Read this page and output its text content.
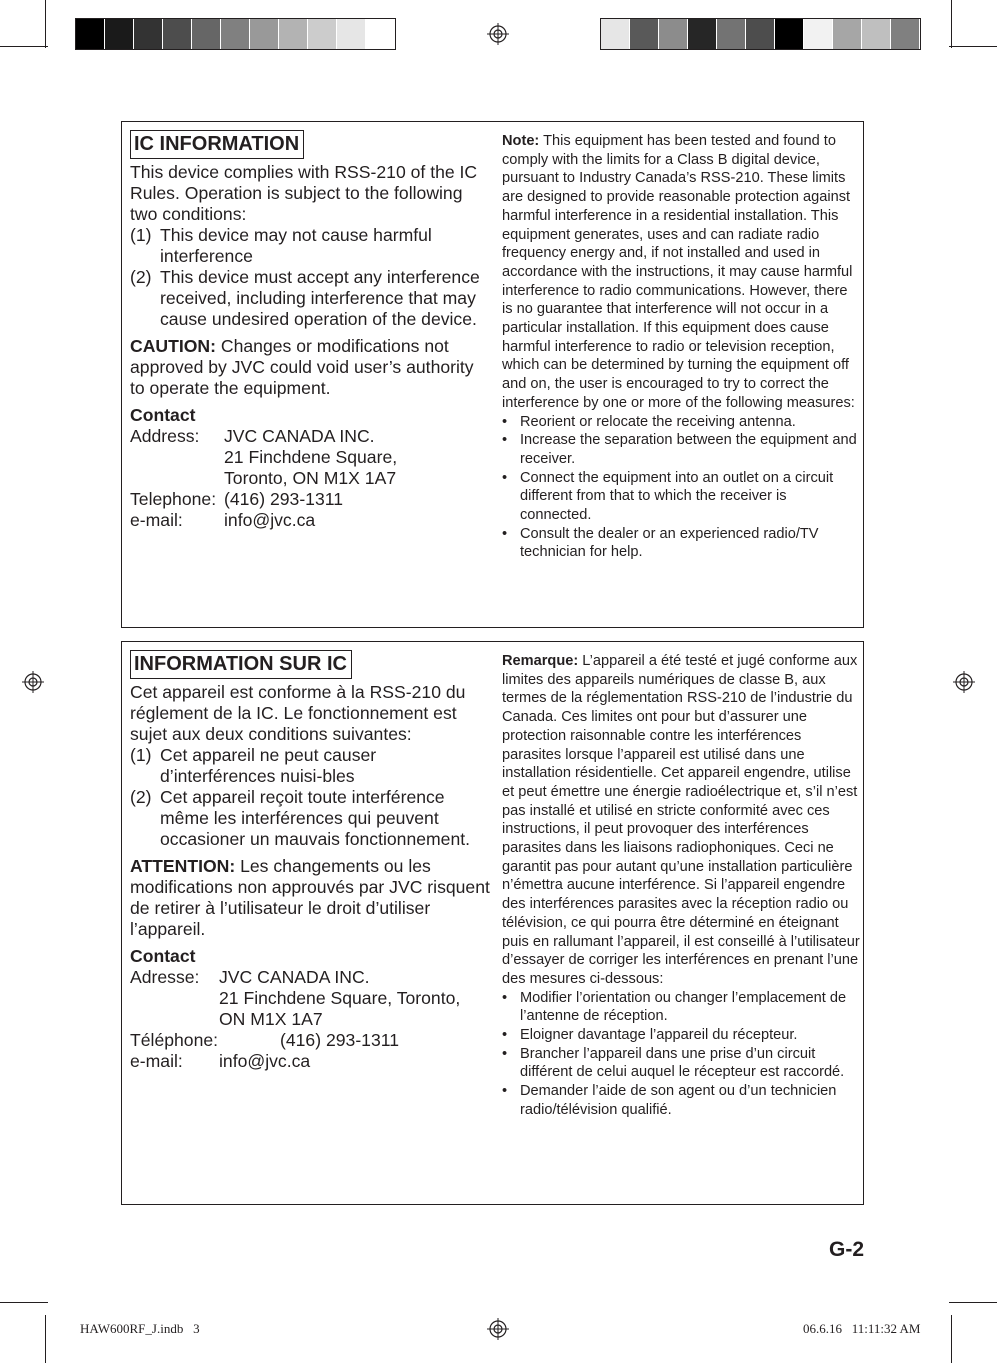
IC INFORMATION

This device complies with RSS-210 of the IC Rules. Operation is subject to the following two conditions:

(1) This device may not cause harmful interference
(2) This device must accept any interference received, including interference that may cause undesired operation of the device.

CAUTION: Changes or modifications not approved by JVC could void user’s authority to operate the equipment.

Contact

Address:	JVC CANADA INC.
21 Finchdene Square,
Toronto, ON M1X 1A7
Telephone: (416) 293-1311
e-mail:	info@jvc.ca

Note: This equipment has been tested and found to comply with the limits for a Class B digital device, pursuant to Industry Canada’s RSS-210. These limits are designed to provide reasonable protection against harmful interference in a residential installation. This equipment generates, uses and can radiate radio frequency energy and, if not installed and used in accordance with the instructions, it may cause harmful interference to radio communications. However, there is no guarantee that interference will not occur in a particular installation. If this equipment does cause harmful interference to radio or television reception, which can be determined by turning the equipment off and on, the user is encouraged to try to correct the interference by one or more of the following measures:

• Reorient or relocate the receiving antenna.
• Increase the separation between the equipment and receiver.
• Connect the equipment into an outlet on a circuit different from that to which the receiver is connected.
• Consult the dealer or an experienced radio/TV technician for help.
INFORMATION SUR IC

Cet appareil est conforme à la RSS-210 du réglement de la IC. Le fonctionnement est sujet aux deux conditions suivantes:

(1) Cet appareil ne peut causer d’interférences nuisi-bles
(2) Cet appareil reçoit toute interférence même les interférences qui peuvent occasioner un mauvais fonctionnement.

ATTENTION: Les changements ou les modifications non approuvés par JVC risquent de retirer à l’utilisateur le droit d’utiliser l’appareil.

Contact

Adresse:	JVC CANADA INC.
21 Finchdene Square, Toronto,
ON M1X 1A7
Téléphone:	(416) 293-1311
e-mail:	info@jvc.ca

Remarque: L’appareil a été testé et jugé conforme aux limites des appareils numériques de classe B, aux termes de la réglementation RSS-210 de l’industrie du Canada. Ces limites ont pour but d’assurer une protection raisonnable contre les interférences parasites lorsque l’appareil est utilisé dans une installation résidentielle. Cet appareil engendre, utilise et peut émettre une énergie radioélectrique et, s’il n’est pas installé et utilisé en stricte conformité avec ces instructions, il peut provoquer des interférences parasites dans les liaisons radiophoniques. Ceci ne garantit pas pour autant qu’une installation particulière n’émettra aucune interférence. Si l’appareil engendre des interférences parasites avec la réception radio ou télévision, ce qui pourra être déterminé en éteignant puis en rallumant l’appareil, il est conseillé à l’utilisateur d’essayer de corriger les interférences en prenant l’une des mesures ci-dessous:

• Modifier l’orientation ou changer l’emplacement de l’antenne de réception.
• Eloigner davantage l’appareil du récepteur.
• Brancher l’appareil dans une prise d’un circuit différent de celui auquel le récepteur est raccordé.
• Demander l’aide de son agent ou d’un technicien radio/télévision qualifié.
G-2
HAW600RF_J.indb   3	06.6.16   11:11:32 AM
